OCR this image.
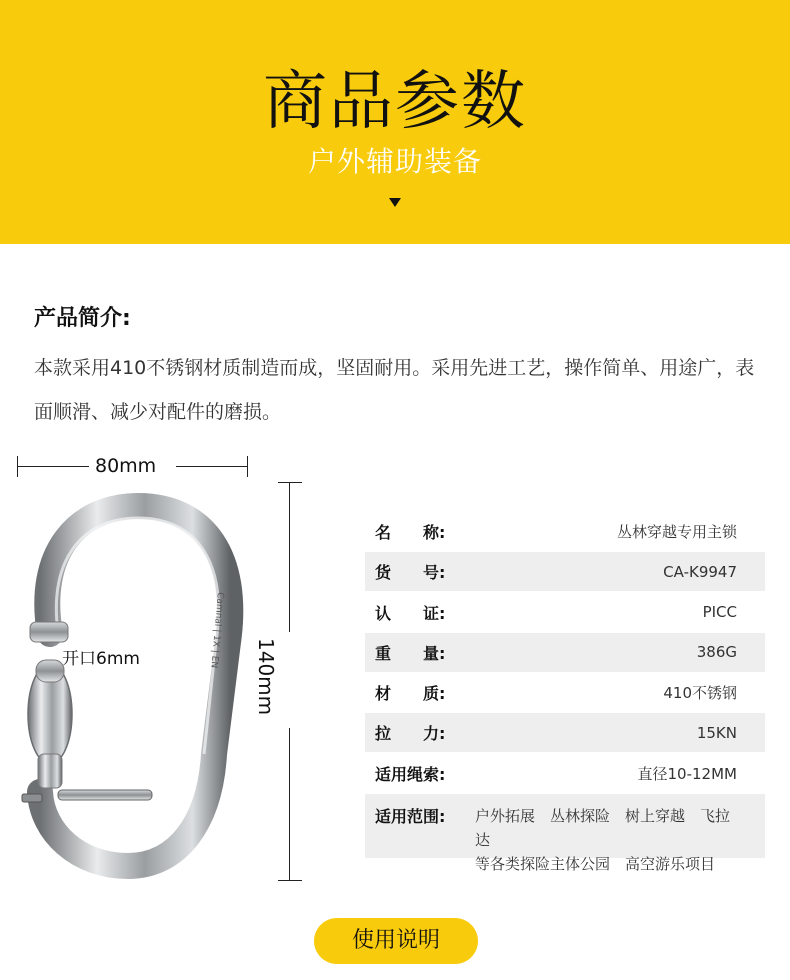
商品参数
户外辅助装备
产品简介:
本款采用410不锈钢材质制造而成，坚固耐用。采用先进工艺，操作简单、用途广，表面顺滑、减少对配件的磨损。
80mm
140mm
Camnal | 1X | EN
开口6mm
名　　称:	丛林穿越专用主锁
货　　号:	CA-K9947
认　　证:	PICC
重　　量:	386G
材　　质:	410不锈钢
拉　　力:	15KN
适用绳索:	直径10-12MM
适用范围:	户外拓展　丛林探险　树上穿越　飞拉达
等各类探险主体公园　高空游乐项目
使用说明
